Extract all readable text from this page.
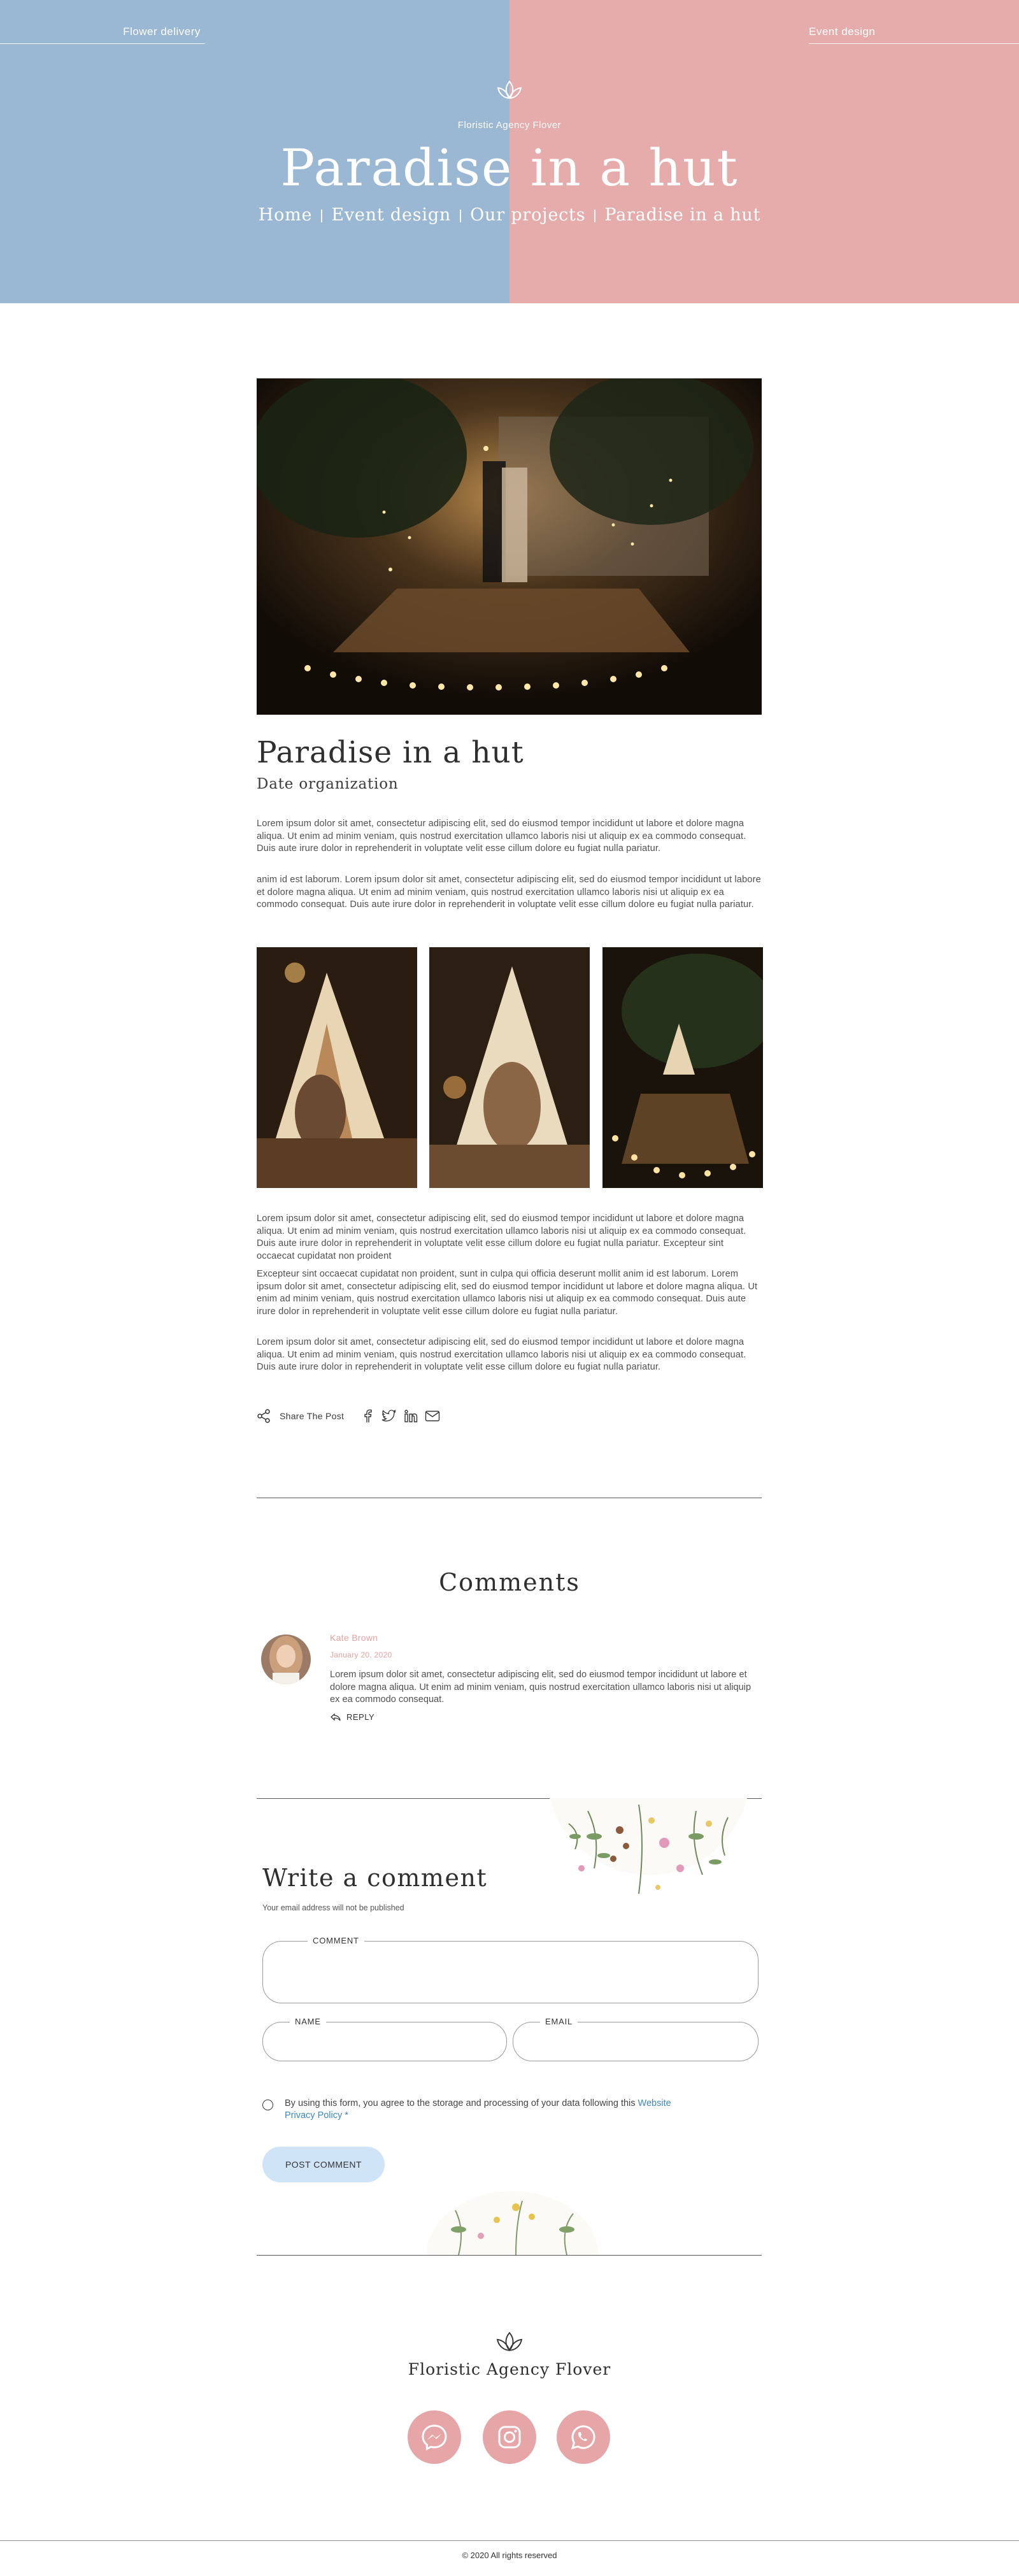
Flower delivery	Event design
Floristic Agency Flover
Paradise in a hut
Home Event design Our projects Paradise in a hut
Paradise in a hut
Date organization
Lorem ipsum dolor sit amet, consectetur adipiscing elit, sed do eiusmod tempor incididunt ut labore et dolore magna aliqua. Ut enim ad minim veniam, quis nostrud exercitation ullamco laboris nisi ut aliquip ex ea commodo consequat. Duis aute irure dolor in reprehenderit in voluptate velit esse cillum dolore eu fugiat nulla pariatur.
anim id est laborum. Lorem ipsum dolor sit amet, consectetur adipiscing elit, sed do eiusmod tempor incididunt ut labore et dolore magna aliqua. Ut enim ad minim veniam, quis nostrud exercitation ullamco laboris nisi ut aliquip ex ea commodo consequat. Duis aute irure dolor in reprehenderit in voluptate velit esse cillum dolore eu fugiat nulla pariatur.
Lorem ipsum dolor sit amet, consectetur adipiscing elit, sed do eiusmod tempor incididunt ut labore et dolore magna aliqua. Ut enim ad minim veniam, quis nostrud exercitation ullamco laboris nisi ut aliquip ex ea commodo consequat. Duis aute irure dolor in reprehenderit in voluptate velit esse cillum dolore eu fugiat nulla pariatur. Excepteur sint occaecat cupidatat non proident
Excepteur sint occaecat cupidatat non proident, sunt in culpa qui officia deserunt mollit anim id est laborum. Lorem ipsum dolor sit amet, consectetur adipiscing elit, sed do eiusmod tempor incididunt ut labore et dolore magna aliqua. Ut enim ad minim veniam, quis nostrud exercitation ullamco laboris nisi ut aliquip ex ea commodo consequat. Duis aute irure dolor in reprehenderit in voluptate velit esse cillum dolore eu fugiat nulla pariatur.
Lorem ipsum dolor sit amet, consectetur adipiscing elit, sed do eiusmod tempor incididunt ut labore et dolore magna aliqua. Ut enim ad minim veniam, quis nostrud exercitation ullamco laboris nisi ut aliquip ex ea commodo consequat. Duis aute irure dolor in reprehenderit in voluptate velit esse cillum dolore eu fugiat nulla pariatur.
Share The Post
Comments
Kate Brown
January 20, 2020
Lorem ipsum dolor sit amet, consectetur adipiscing elit, sed do eiusmod tempor incididunt ut labore et dolore magna aliqua. Ut enim ad minim veniam, quis nostrud exercitation ullamco laboris nisi ut aliquip ex ea commodo consequat.
REPLY
Write a comment
Your email address will not be published
COMMENT
NAME	EMAIL
By using this form, you agree to the storage and processing of your data following this Website Privacy Policy *
POST COMMENT
Floristic Agency Flover
© 2020 All rights reserved
